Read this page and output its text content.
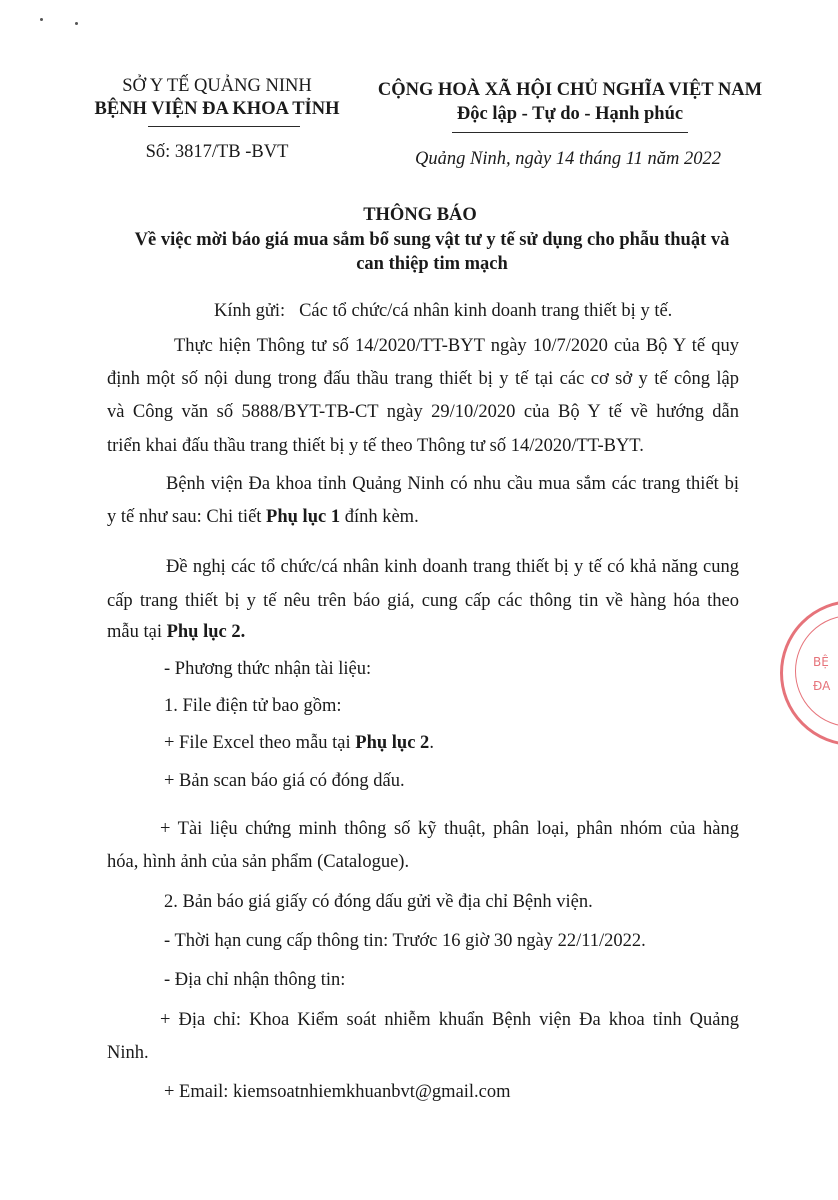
SỞ Y TẾ QUẢNG NINH
BỆNH VIỆN ĐA KHOA TỈNH
Số: 3817/TB -BVT
CỘNG HOÀ XÃ HỘI CHỦ NGHĨA VIỆT NAM
Độc lập - Tự do - Hạnh phúc
Quảng Ninh, ngày 14 tháng 11 năm 2022
THÔNG BÁO
Về việc mời báo giá mua sắm bổ sung vật tư y tế sử dụng cho phẫu thuật và
can thiệp tim mạch
Kính gửi: Các tổ chức/cá nhân kinh doanh trang thiết bị y tế.
Thực hiện Thông tư số 14/2020/TT-BYT ngày 10/7/2020 của Bộ Y tế quy
định một số nội dung trong đấu thầu trang thiết bị y tế tại các cơ sở y tế công lập
và Công văn số 5888/BYT-TB-CT ngày 29/10/2020 của Bộ Y tế về hướng dẫn
triển khai đấu thầu trang thiết bị y tế theo Thông tư số 14/2020/TT-BYT.
Bệnh viện Đa khoa tỉnh Quảng Ninh có nhu cầu mua sắm các trang thiết bị
y tế như sau: Chi tiết Phụ lục 1 đính kèm.
Đề nghị các tổ chức/cá nhân kinh doanh trang thiết bị y tế có khả năng cung
cấp trang thiết bị y tế nêu trên báo giá, cung cấp các thông tin về hàng hóa theo
mẫu tại Phụ lục 2.
- Phương thức nhận tài liệu:
1. File điện tử bao gồm:
+ File Excel theo mẫu tại Phụ lục 2.
+ Bản scan báo giá có đóng dấu.
+ Tài liệu chứng minh thông số kỹ thuật, phân loại, phân nhóm của hàng
hóa, hình ảnh của sản phẩm (Catalogue).
2. Bản báo giá giấy có đóng dấu gửi về địa chỉ Bệnh viện.
- Thời hạn cung cấp thông tin: Trước 16 giờ 30 ngày 22/11/2022.
- Địa chỉ nhận thông tin:
+ Địa chỉ: Khoa Kiểm soát nhiễm khuẩn Bệnh viện Đa khoa tỉnh Quảng
Ninh.
+ Email: kiemsoatnhiemkhuanbvt@gmail.com
BỆ
ĐA
